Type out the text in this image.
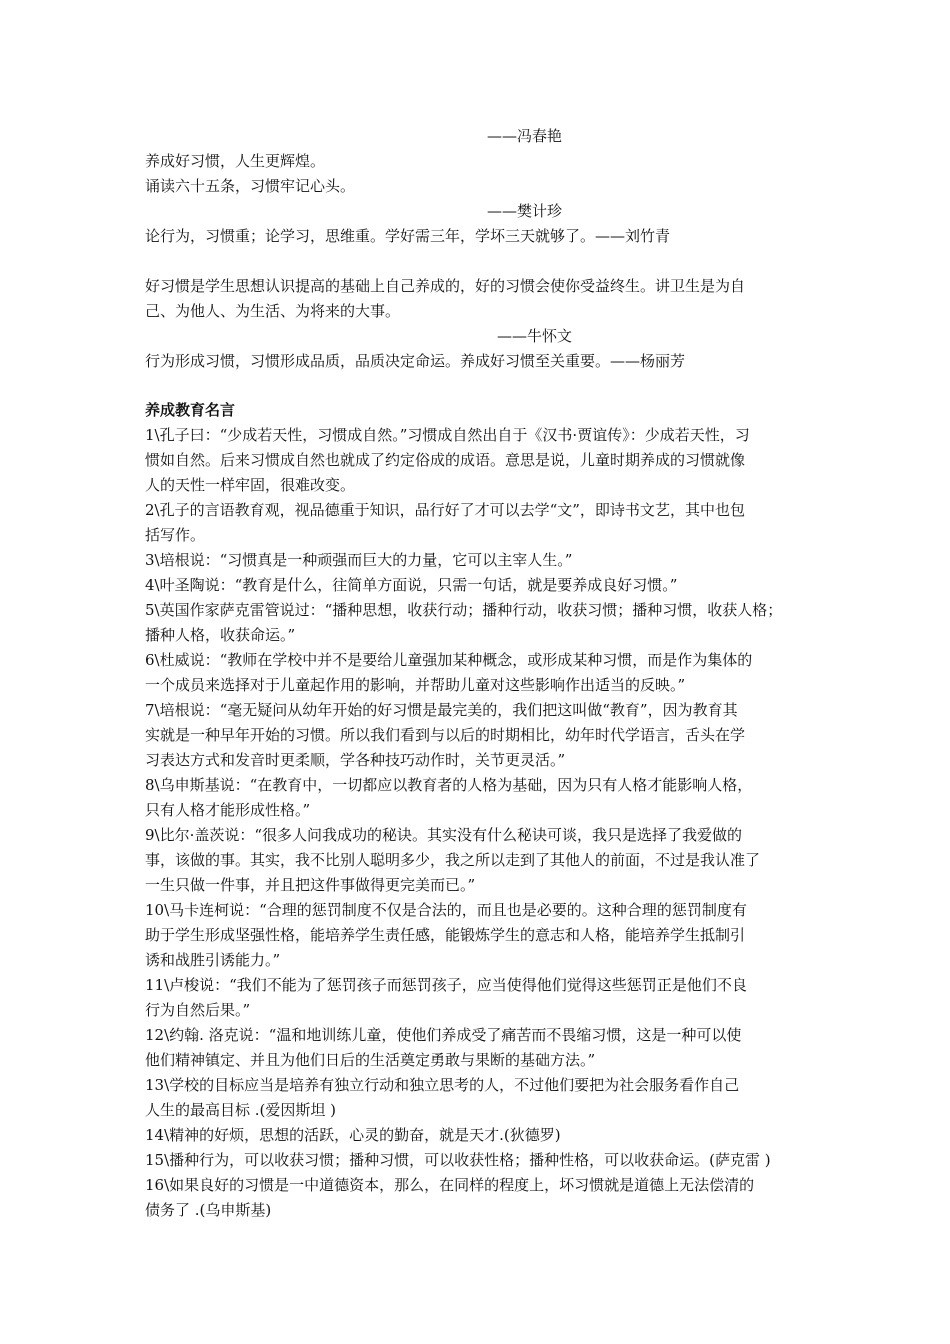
——冯春艳
养成好习惯，人生更辉煌。
诵读六十五条，习惯牢记心头。
——樊计珍
论行为，习惯重；论学习，思维重。学好需三年，学坏三天就够了。——刘竹青
好习惯是学生思想认识提高的基础上自己养成的，好的习惯会使你受益终生。讲卫生是为自
己、为他人、为生活、为将来的大事。
——牛怀文
行为形成习惯，习惯形成品质，品质决定命运。养成好习惯至关重要。——杨丽芳
养成教育名言
1\孔子曰：“少成若天性，习惯成自然。”习惯成自然出自于《汉书·贾谊传》：少成若天性，习
惯如自然。后来习惯成自然也就成了约定俗成的成语。意思是说，儿童时期养成的习惯就像
人的天性一样牢固，很难改变。
2\孔子的言语教育观，视品德重于知识，品行好了才可以去学“文”，即诗书文艺，其中也包
括写作。
3\培根说：“习惯真是一种顽强而巨大的力量，它可以主宰人生。”
4\叶圣陶说：“教育是什么，往简单方面说，只需一句话，就是要养成良好习惯。”
5\英国作家萨克雷管说过：“播种思想，收获行动；播种行动，收获习惯；播种习惯，收获人格；
播种人格，收获命运。”
6\杜威说：“教师在学校中并不是要给儿童强加某种概念，或形成某种习惯，而是作为集体的
一个成员来选择对于儿童起作用的影响，并帮助儿童对这些影响作出适当的反映。”
7\培根说：“毫无疑问从幼年开始的好习惯是最完美的，我们把这叫做“教育”，因为教育其
实就是一种早年开始的习惯。所以我们看到与以后的时期相比，幼年时代学语言，舌头在学
习表达方式和发音时更柔顺，学各种技巧动作时，关节更灵活。”
8\乌申斯基说：“在教育中，一切都应以教育者的人格为基础，因为只有人格才能影响人格，
只有人格才能形成性格。”
9\比尔·盖茨说：“很多人问我成功的秘诀。其实没有什么秘诀可谈，我只是选择了我爱做的
事，该做的事。其实，我不比别人聪明多少，我之所以走到了其他人的前面，不过是我认准了
一生只做一件事，并且把这件事做得更完美而已。”
10\马卡连柯说：“合理的惩罚制度不仅是合法的，而且也是必要的。这种合理的惩罚制度有
助于学生形成坚强性格，能培养学生责任感，能锻炼学生的意志和人格，能培养学生抵制引
诱和战胜引诱能力。”
11\卢梭说：“我们不能为了惩罚孩子而惩罚孩子，应当使得他们觉得这些惩罚正是他们不良
行为自然后果。”
12\约翰. 洛克说：“温和地训练儿童，使他们养成受了痛苦而不畏缩习惯，这是一种可以使
他们精神镇定、并且为他们日后的生活奠定勇敢与果断的基础方法。”
13\学校的目标应当是培养有独立行动和独立思考的人，不过他们要把为社会服务看作自己
人生的最高目标 .(爱因斯坦 )
14\精神的好烦，思想的活跃，心灵的勤奋，就是天才.(狄德罗)
15\播种行为，可以收获习惯；播种习惯，可以收获性格；播种性格，可以收获命运。(萨克雷 )
16\如果良好的习惯是一中道德资本，那么，在同样的程度上，坏习惯就是道德上无法偿清的
债务了 .(乌申斯基)
